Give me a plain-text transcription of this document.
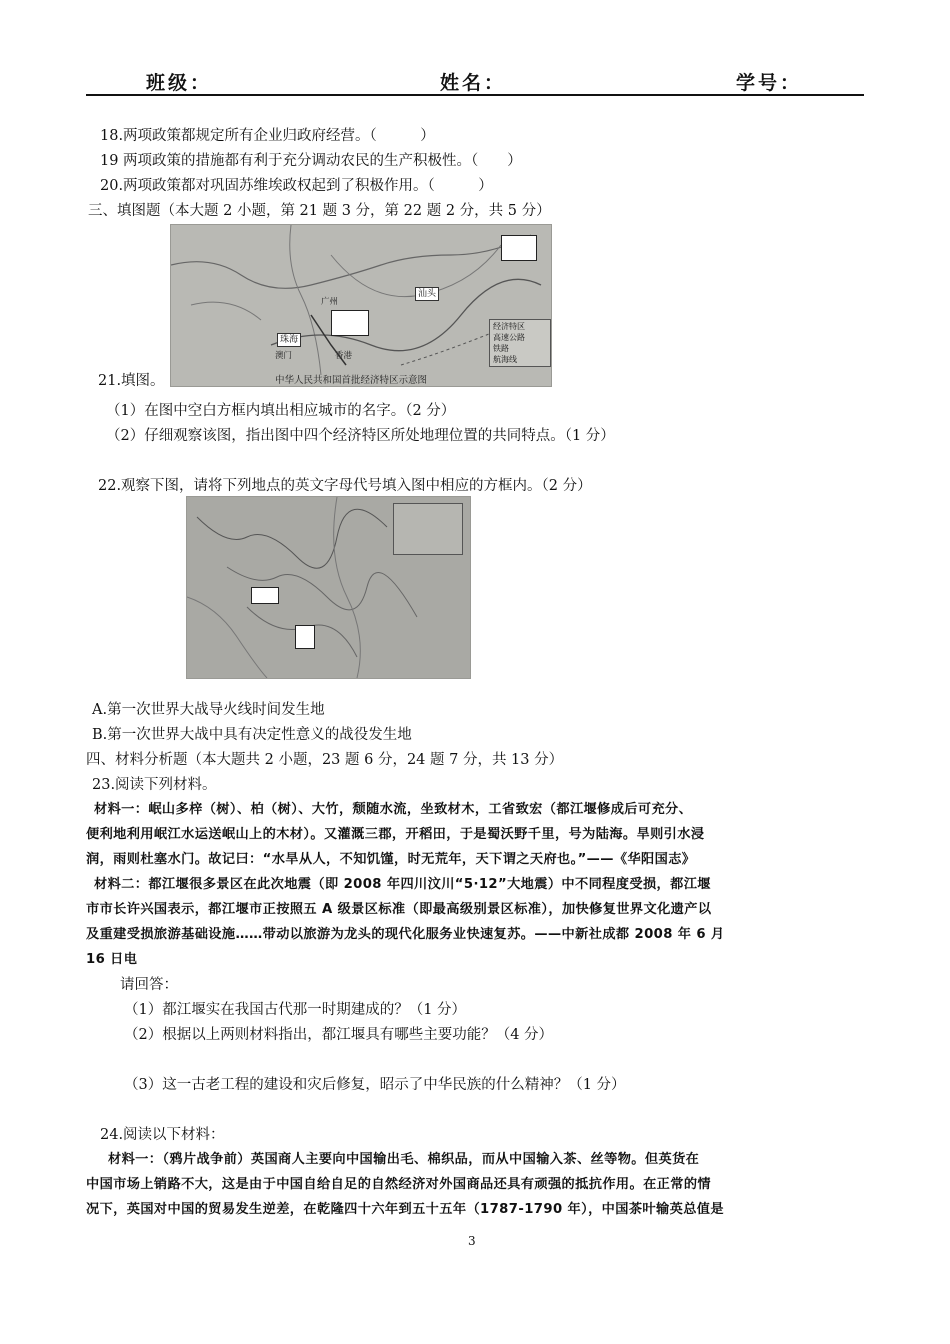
班级：	姓名：	学号：
18.两项政策都规定所有企业归政府经营。（　　　）
19 两项政策的措施都有利于充分调动农民的生产积极性。（　　）
20.两项政策都对巩固苏维埃政权起到了积极作用。（　　　）
三、填图题（本大题 2 小题，第 21 题 3 分，第 22 题 2 分，共 5 分）
汕头
珠海
广州
澳门	香港
经济特区
高速公路
铁路
航海线
中华人民共和国首批经济特区示意图
21.填图。
（1）在图中空白方框内填出相应城市的名字。（2 分）
（2）仔细观察该图，指出图中四个经济特区所处地理位置的共同特点。（1 分）
22.观察下图，请将下列地点的英文字母代号填入图中相应的方框内。（2 分）
A.第一次世界大战导火线时间发生地
B.第一次世界大战中具有决定性意义的战役发生地
四、材料分析题（本大题共 2 小题，23 题 6 分，24 题 7 分，共 13 分）
23.阅读下列材料。
材料一：岷山多梓（树）、柏（树）、大竹，颓随水流，坐致材木，工省致宏（都江堰修成后可充分、
便利地利用岷江水运送岷山上的木材）。又灌溉三郡，开稻田，于是蜀沃野千里，号为陆海。旱则引水浸
润，雨则杜塞水门。故记曰：“水旱从人，不知饥馑，时无荒年，天下谓之天府也。”——《华阳国志》
材料二：都江堰很多景区在此次地震（即 2008 年四川汶川“5·12”大地震）中不同程度受损，都江堰
市市长许兴国表示，都江堰市正按照五 A 级景区标准（即最高级别景区标准），加快修复世界文化遗产以
及重建受损旅游基础设施……带动以旅游为龙头的现代化服务业快速复苏。——中新社成都 2008 年 6 月
16 日电
请回答：
（1）都江堰实在我国古代那一时期建成的？（1 分）
（2）根据以上两则材料指出，都江堰具有哪些主要功能？（4 分）
（3）这一古老工程的建设和灾后修复，昭示了中华民族的什么精神？（1 分）
24.阅读以下材料：
材料一：（鸦片战争前）英国商人主要向中国输出毛、棉织品，而从中国输入茶、丝等物。但英货在
中国市场上销路不大，这是由于中国自给自足的自然经济对外国商品还具有顽强的抵抗作用。在正常的情
况下，英国对中国的贸易发生逆差，在乾隆四十六年到五十五年（1787-1790 年），中国茶叶输英总值是
3
